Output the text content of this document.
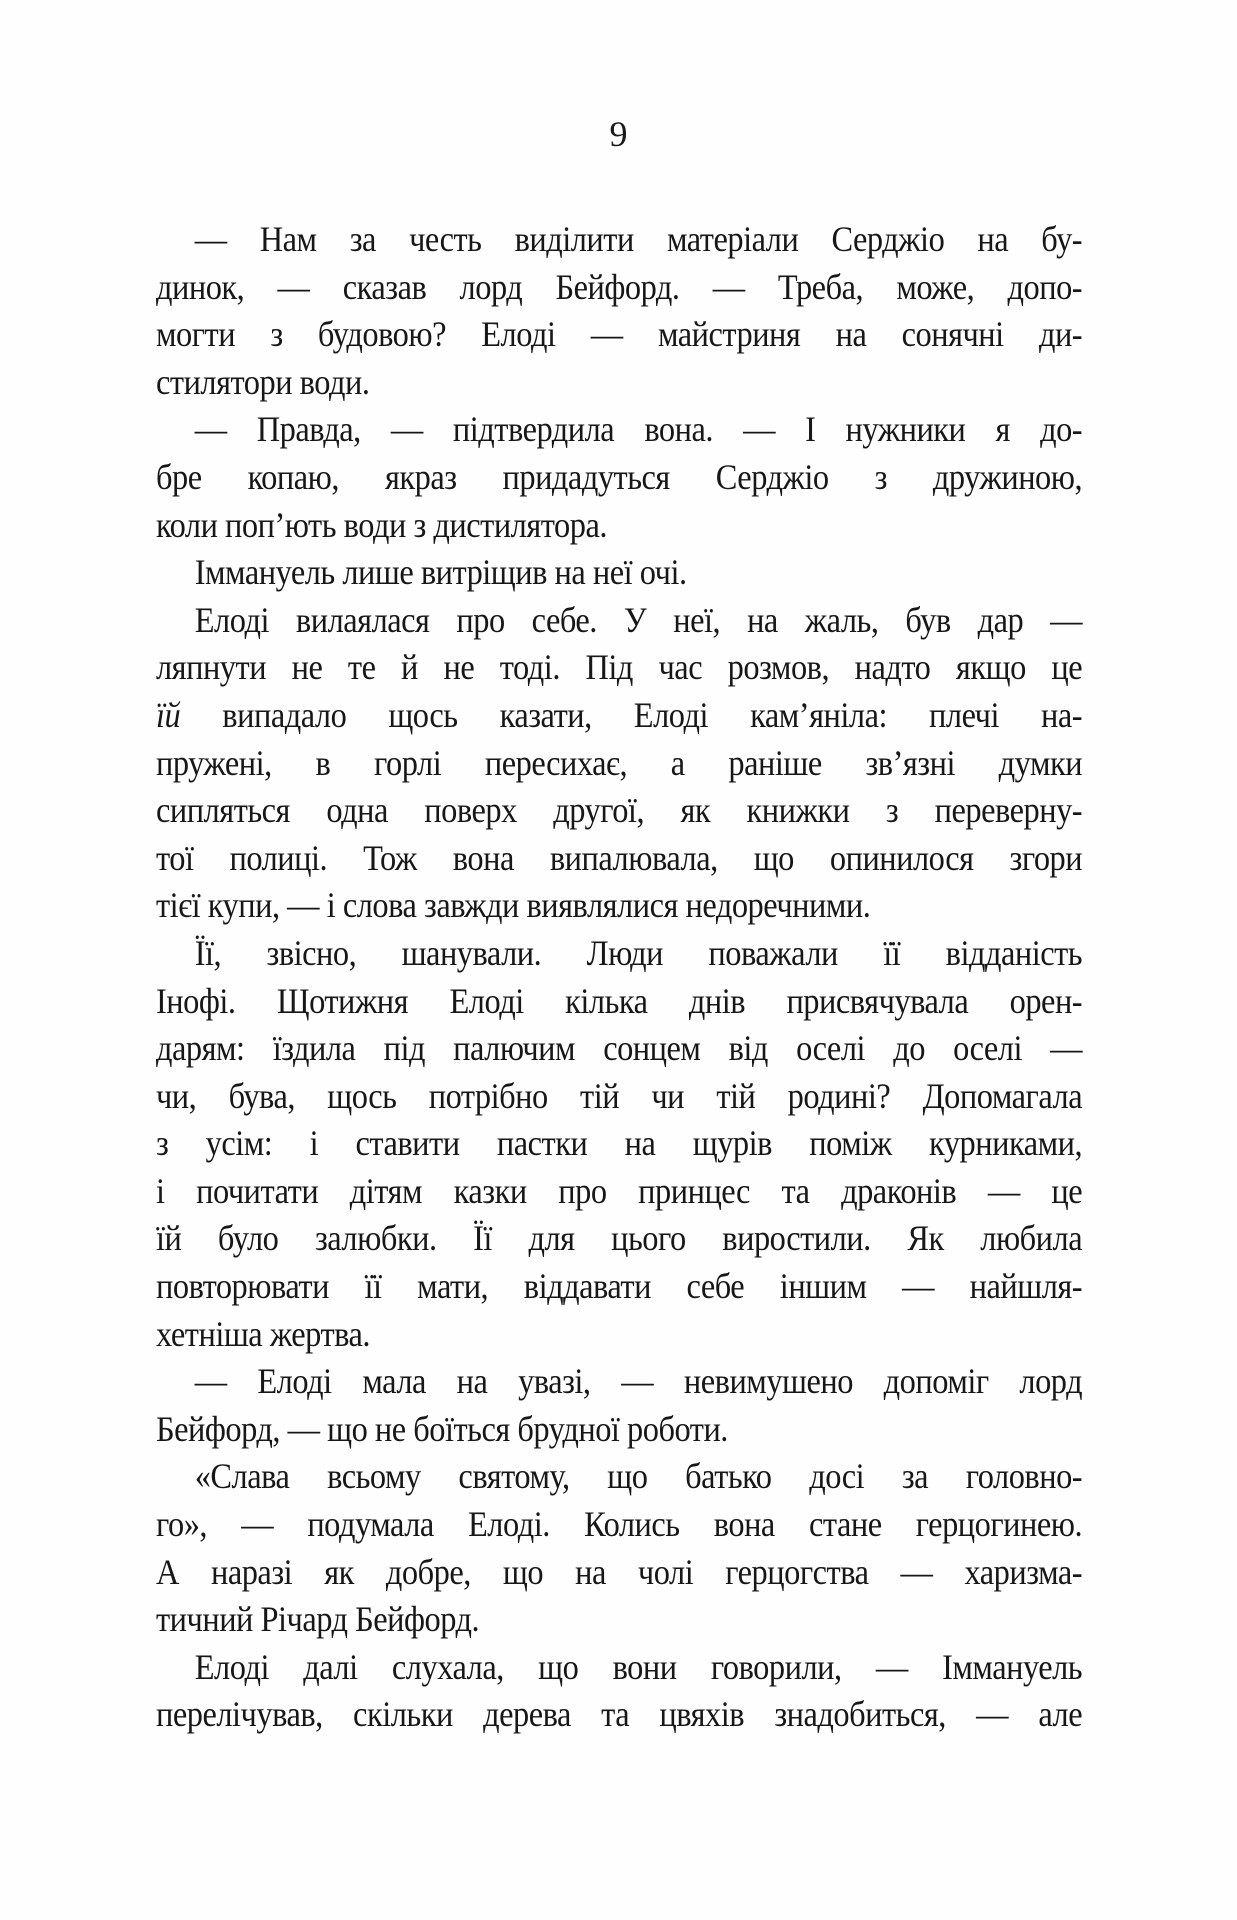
9
— Нам за честь виділити матеріали Серджіо на бу-
динок, — сказав лорд Бейфорд. — Треба, може, допо-
могти з будовою? Елоді — майстриня на сонячні ди-
стилятори води.
— Правда, — підтвердила вона. — І нужники я до-
бре копаю, якраз придадуться Серджіо з дружиною,
коли поп’ють води з дистилятора.
Іммануель лише витріщив на неї очі.
Елоді вилаялася про себе. У неї, на жаль, був дар —
ляпнути не те й не тоді. Під час розмов, надто якщо це
їй випадало щось казати, Елоді кам’яніла: плечі на-
пружені, в горлі пересихає, а раніше зв’язні думки
сипляться одна поверх другої, як книжки з переверну-
тої полиці. Тож вона випалювала, що опинилося згори
тієї купи, — і слова завжди виявлялися недоречними.
Її, звісно, шанували. Люди поважали її відданість
Інофі. Щотижня Елоді кілька днів присвячувала орен-
дарям: їздила під палючим сонцем від оселі до оселі —
чи, бува, щось потрібно тій чи тій родині? Допомагала
з усім: і ставити пастки на щурів поміж курниками,
і почитати дітям казки про принцес та драконів — це
їй було залюбки. Її для цього виростили. Як любила
повторювати її мати, віддавати себе іншим — найшля-
хетніша жертва.
— Елоді мала на увазі, — невимушено допоміг лорд
Бейфорд, — що не боїться брудної роботи.
«Слава всьому святому, що батько досі за головно-
го», — подумала Елоді. Колись вона стане герцогинею.
А наразі як добре, що на чолі герцогства — харизма-
тичний Річард Бейфорд.
Елоді далі слухала, що вони говорили, — Іммануель
перелічував, скільки дерева та цвяхів знадобиться, — але
